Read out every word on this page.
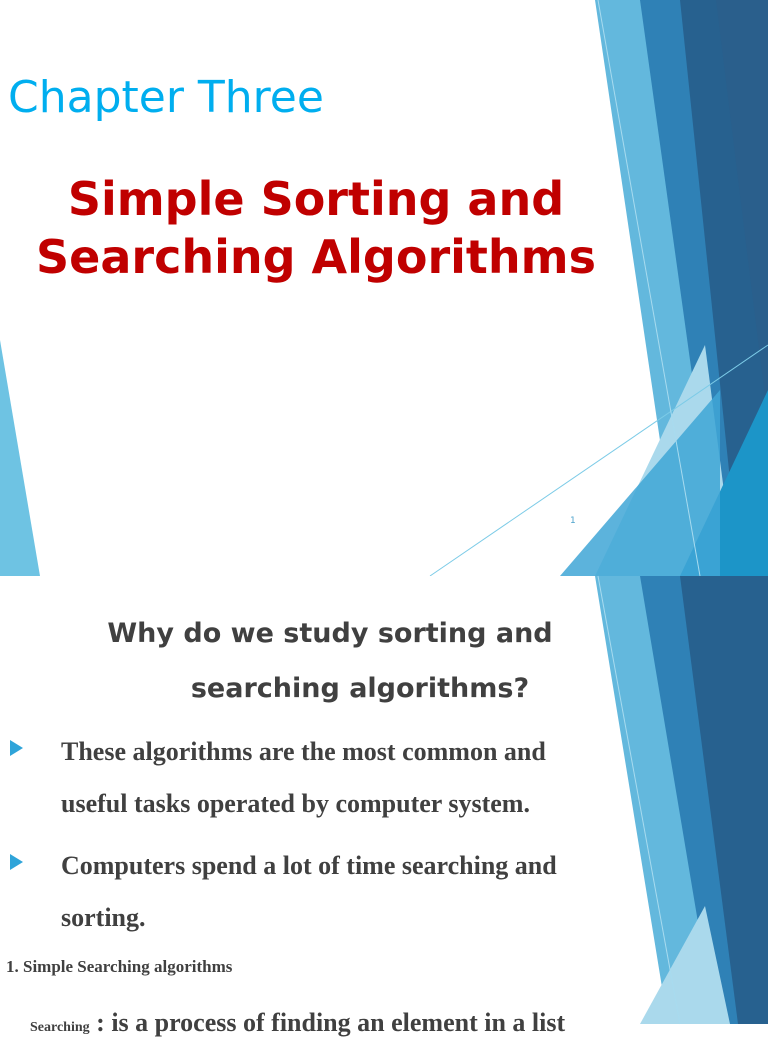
Chapter Three
Simple Sorting and
Searching Algorithms
1
Why do we study sorting and
searching algorithms?
These algorithms are the most common and
useful tasks operated by computer system.
Computers spend a lot of time searching and
sorting.
1. Simple Searching algorithms
Searching : is a process of finding an element in a list
